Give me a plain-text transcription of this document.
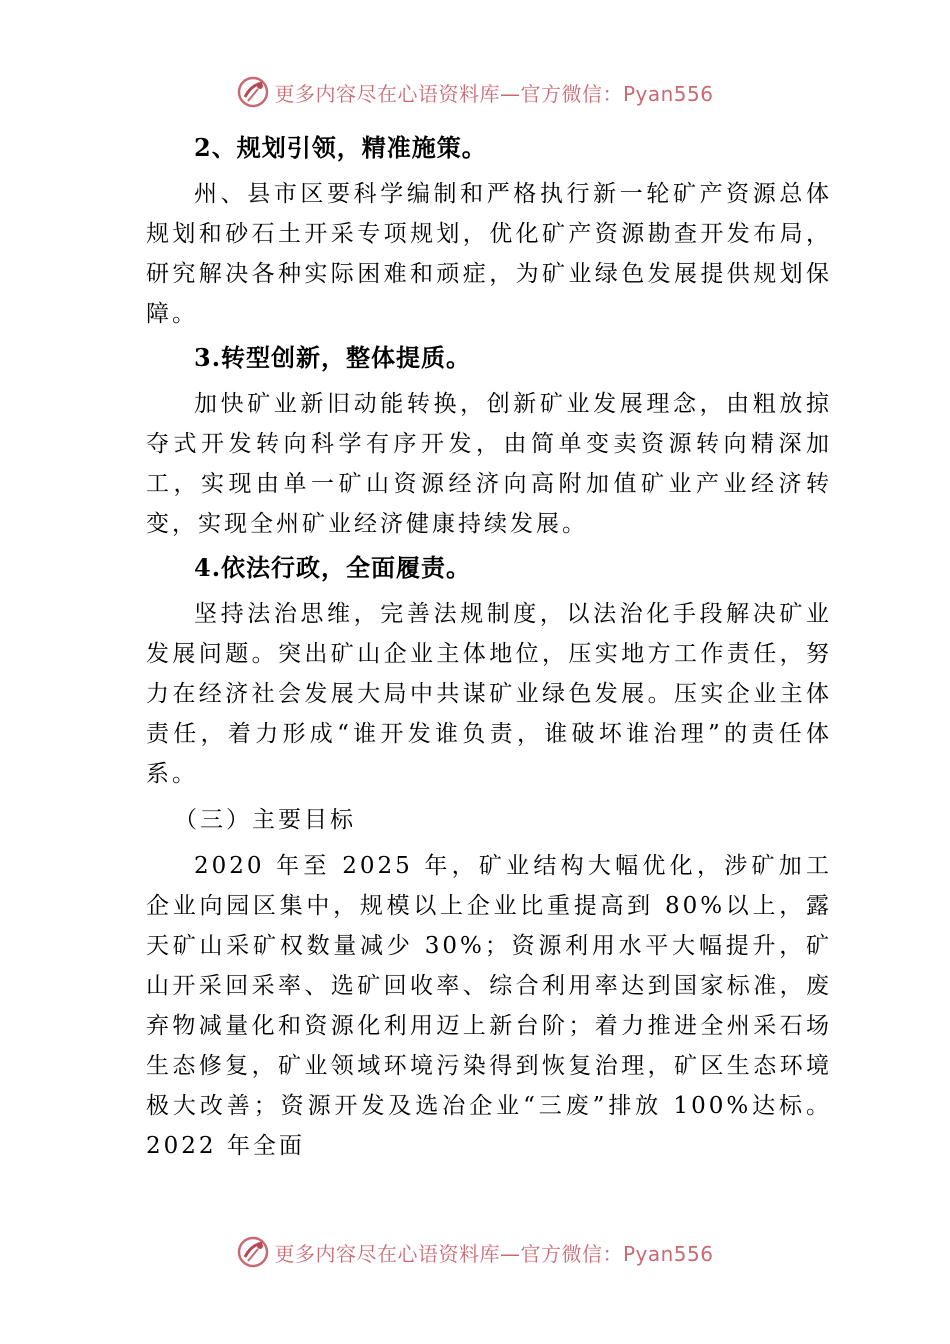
更多内容尽在心语资料库—官方微信：Pyan556
2、规划引领，精准施策。

州、县市区要科学编制和严格执行新一轮矿产资源总体规划和砂石土开采专项规划，优化矿产资源勘查开发布局，研究解决各种实际困难和顽症，为矿业绿色发展提供规划保障。

3.转型创新，整体提质。

加快矿业新旧动能转换，创新矿业发展理念，由粗放掠夺式开发转向科学有序开发，由简单变卖资源转向精深加工，实现由单一矿山资源经济向高附加值矿业产业经济转变，实现全州矿业经济健康持续发展。

4.依法行政，全面履责。

坚持法治思维，完善法规制度，以法治化手段解决矿业发展问题。突出矿山企业主体地位，压实地方工作责任，努力在经济社会发展大局中共谋矿业绿色发展。压实企业主体责任，着力形成“谁开发谁负责，谁破坏谁治理”的责任体系。

（三）主要目标

2020 年至 2025 年，矿业结构大幅优化，涉矿加工企业向园区集中，规模以上企业比重提高到 80%以上，露天矿山采矿权数量减少 30%；资源利用水平大幅提升，矿山开采回采率、选矿回收率、综合利用率达到国家标准，废弃物减量化和资源化利用迈上新台阶；着力推进全州采石场生态修复，矿业领域环境污染得到恢复治理，矿区生态环境极大改善；资源开发及选冶企业“三废”排放 100%达标。2022 年全面

更多内容尽在心语资料库—官方微信：Pyan556
